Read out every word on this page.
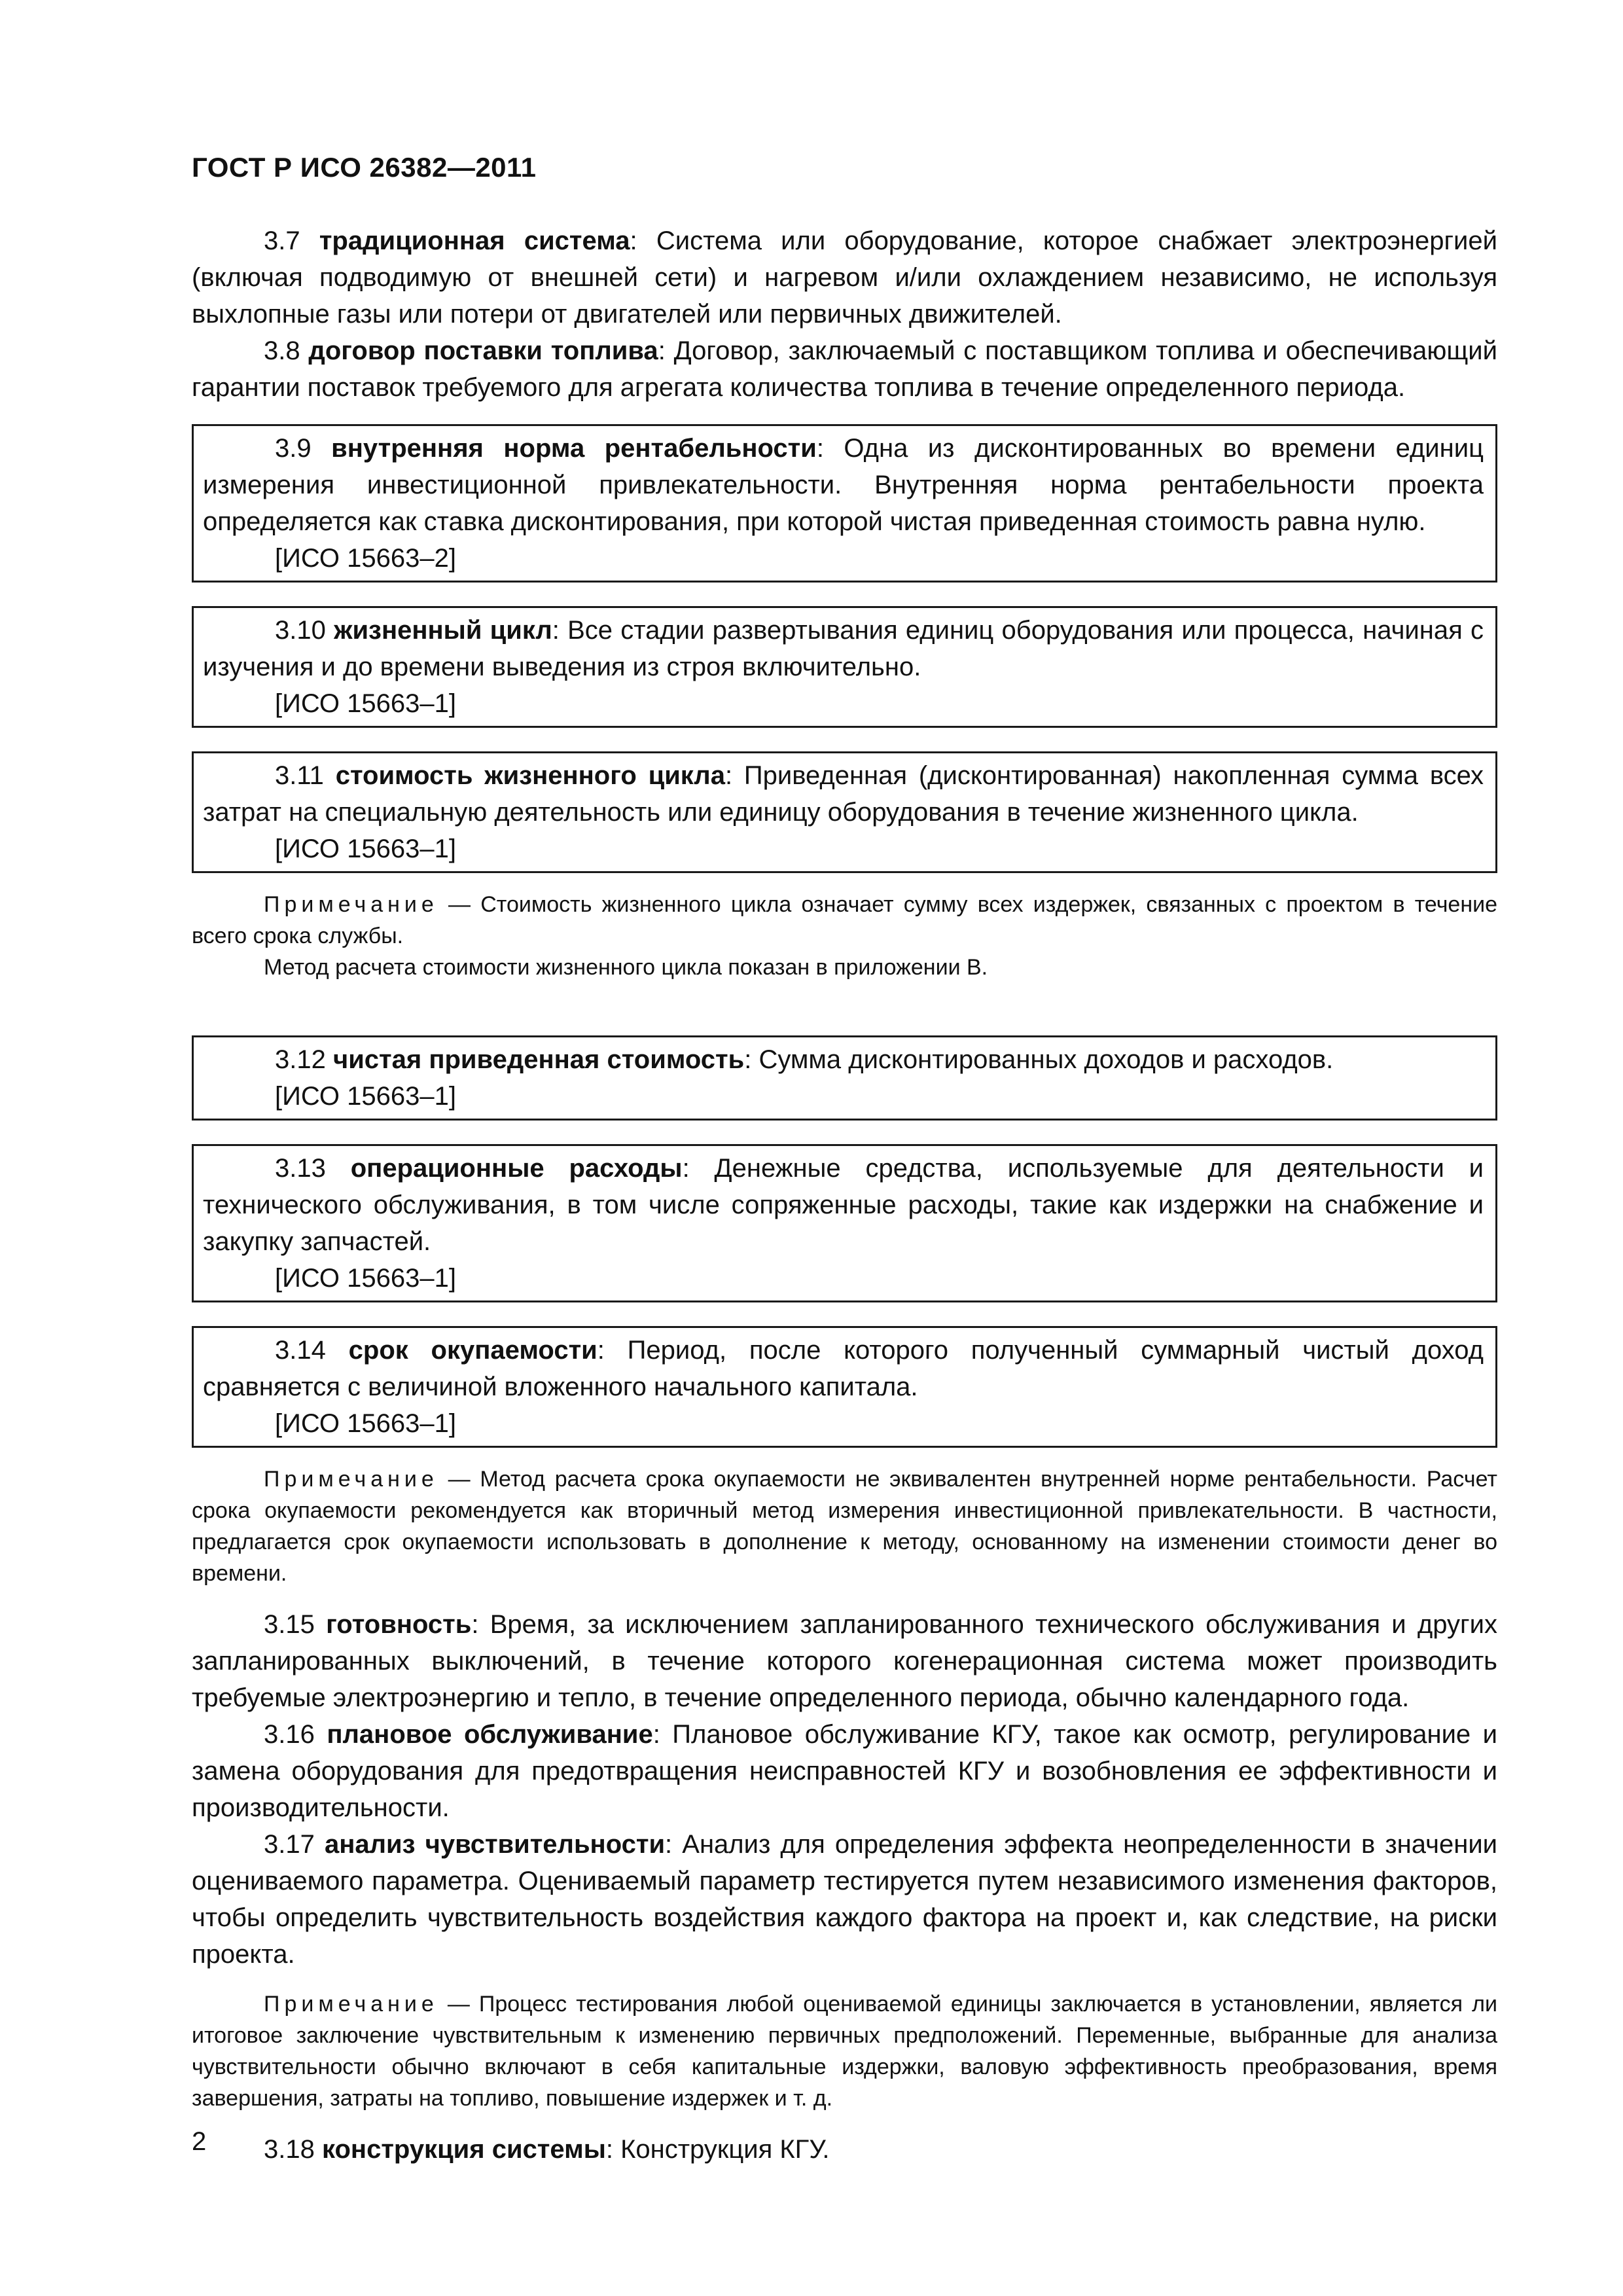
ГОСТ Р ИСО 26382—2011

3.7 традиционная система: Система или оборудование, которое снабжает электроэнергией (включая подводимую от внешней сети) и нагревом и/или охлаждением независимо, не используя выхлопные газы или потери от двигателей или первичных движителей.

3.8 договор поставки топлива: Договор, заключаемый с поставщиком топлива и обеспечивающий гарантии поставок требуемого для агрегата количества топлива в течение определенного периода.

3.9 внутренняя норма рентабельности: Одна из дисконтированных во времени единиц измерения инвестиционной привлекательности. Внутренняя норма рентабельности проекта определяется как ставка дисконтирования, при которой чистая приведенная стоимость равна нулю.

[ИСО 15663–2]

3.10 жизненный цикл: Все стадии развертывания единиц оборудования или процесса, начиная с изучения и до времени выведения из строя включительно.

[ИСО 15663–1]

3.11 стоимость жизненного цикла: Приведенная (дисконтированная) накопленная сумма всех затрат на специальную деятельность или единицу оборудования в течение жизненного цикла.

[ИСО 15663–1]

Примечание — Стоимость жизненного цикла означает сумму всех издержек, связанных с проектом в течение всего срока службы.

Метод расчета стоимости жизненного цикла показан в приложении В.

3.12 чистая приведенная стоимость: Сумма дисконтированных доходов и расходов.

[ИСО 15663–1]

3.13 операционные расходы: Денежные средства, используемые для деятельности и технического обслуживания, в том числе сопряженные расходы, такие как издержки на снабжение и закупку запчастей.

[ИСО 15663–1]

3.14 срок окупаемости: Период, после которого полученный суммарный чистый доход сравняется с величиной вложенного начального капитала.

[ИСО 15663–1]

Примечание — Метод расчета срока окупаемости не эквивалентен внутренней норме рентабельности. Расчет срока окупаемости рекомендуется как вторичный метод измерения инвестиционной привлекательности. В частности, предлагается срок окупаемости использовать в дополнение к методу, основанному на изменении стоимости денег во времени.

3.15 готовность: Время, за исключением запланированного технического обслуживания и других запланированных выключений, в течение которого когенерационная система может производить требуемые электроэнергию и тепло, в течение определенного периода, обычно календарного года.

3.16 плановое обслуживание: Плановое обслуживание КГУ, такое как осмотр, регулирование и замена оборудования для предотвращения неисправностей КГУ и возобновления ее эффективности и производительности.

3.17 анализ чувствительности: Анализ для определения эффекта неопределенности в значении оцениваемого параметра. Оцениваемый параметр тестируется путем независимого изменения факторов, чтобы определить чувствительность воздействия каждого фактора на проект и, как следствие, на риски проекта.

Примечание — Процесс тестирования любой оцениваемой единицы заключается в установлении, является ли итоговое заключение чувствительным к изменению первичных предположений. Переменные, выбранные для анализа чувствительности обычно включают в себя капитальные издержки, валовую эффективность преобразования, время завершения, затраты на топливо, повышение издержек и т. д.

3.18 конструкция системы: Конструкция КГУ.

2
